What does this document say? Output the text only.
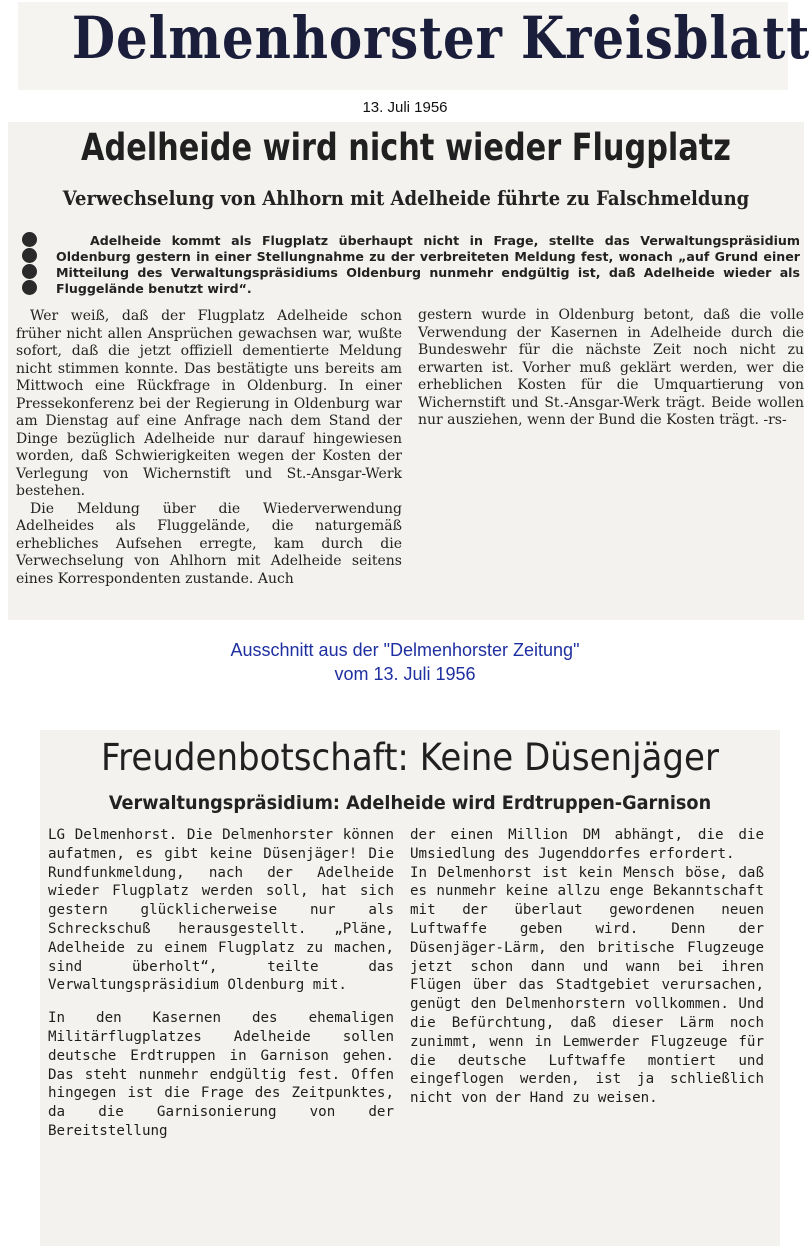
Delmenhorster Kreisblatt
13. Juli 1956
Adelheide wird nicht wieder Flugplatz
Verwechselung von Ahlhorn mit Adelheide führte zu Falschmeldung

Adelheide kommt als Flugplatz überhaupt nicht in Frage, stellte das Verwaltungspräsidium Oldenburg gestern in einer Stellungnahme zu der verbreiteten Meldung fest, wonach „auf Grund einer Mitteilung des Verwaltungspräsidiums Oldenburg nunmehr endgültig ist, daß Adelheide wieder als Fluggelände benutzt wird“.

Wer weiß, daß der Flugplatz Adelheide schon früher nicht allen Ansprüchen gewachsen war, wußte sofort, daß die jetzt offiziell dementierte Meldung nicht stimmen konnte. Das bestätigte uns bereits am Mittwoch eine Rückfrage in Oldenburg. In einer Pressekonferenz bei der Regierung in Oldenburg war am Dienstag auf eine Anfrage nach dem Stand der Dinge bezüglich Adelheide nur darauf hingewiesen worden, daß Schwierigkeiten wegen der Kosten der Verlegung von Wichernstift und St.-Ansgar-Werk bestehen.

Die Meldung über die Wiederverwendung Adelheides als Fluggelände, die naturgemäß erhebliches Aufsehen erregte, kam durch die Verwechselung von Ahlhorn mit Adelheide seitens eines Korrespondenten zustande. Auch

gestern wurde in Oldenburg betont, daß die volle Verwendung der Kasernen in Adelheide durch die Bundeswehr für die nächste Zeit noch nicht zu erwarten ist. Vorher muß geklärt werden, wer die erheblichen Kosten für die Umquartierung von Wichernstift und St.-Ansgar-Werk trägt. Beide wollen nur ausziehen, wenn der Bund die Kosten trägt. -rs-

Ausschnitt aus der "Delmenhorster Zeitung"
vom 13. Juli 1956
Freudenbotschaft: Keine Düsenjäger
Verwaltungspräsidium: Adelheide wird Erdtruppen-Garnison

LG Delmenhorst. Die Delmenhorster können aufatmen, es gibt keine Düsenjäger! Die Rundfunkmeldung, nach der Adelheide wieder Flugplatz werden soll, hat sich gestern glücklicherweise nur als Schreckschuß herausgestellt. „Pläne, Adelheide zu einem Flugplatz zu machen, sind überholt“, teilte das Verwaltungspräsidium Oldenburg mit.

In den Kasernen des ehemaligen Militärflugplatzes Adelheide sollen deutsche Erdtruppen in Garnison gehen. Das steht nunmehr endgültig fest. Offen hingegen ist die Frage des Zeitpunktes, da die Garnisonierung von der Bereitstellung

der einen Million DM abhängt, die die Umsiedlung des Jugenddorfes erfordert.

In Delmenhorst ist kein Mensch böse, daß es nunmehr keine allzu enge Bekanntschaft mit der überlaut gewordenen neuen Luftwaffe geben wird. Denn der Düsenjäger-Lärm, den britische Flugzeuge jetzt schon dann und wann bei ihren Flügen über das Stadtgebiet verursachen, genügt den Delmenhorstern vollkommen. Und die Befürchtung, daß dieser Lärm noch zunimmt, wenn in Lemwerder Flugzeuge für die deutsche Luftwaffe montiert und eingeflogen werden, ist ja schließlich nicht von der Hand zu weisen.
